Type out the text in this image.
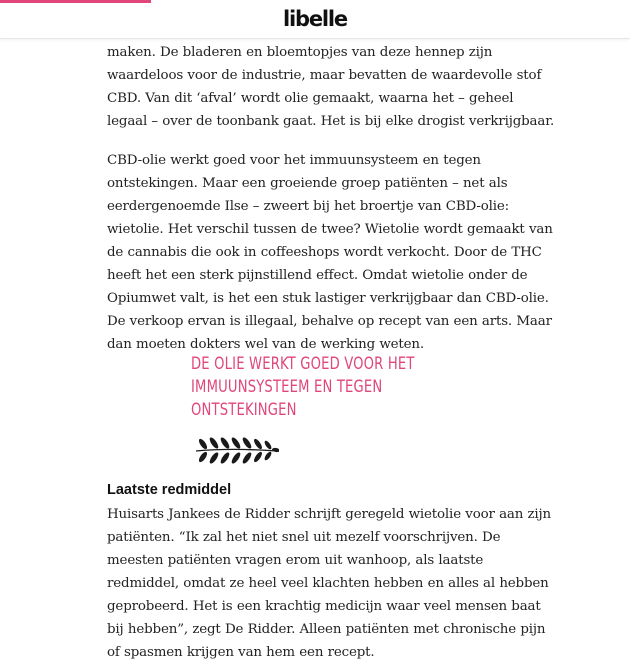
libelle

maken. De bladeren en bloemtopjes van deze hennep zijn waardeloos voor de industrie, maar bevatten de waardevolle stof CBD. Van dit ‘afval’ wordt olie gemaakt, waarna het – geheel legaal – over de toonbank gaat. Het is bij elke drogist verkrijgbaar.

CBD-olie werkt goed voor het immuunsysteem en tegen ontstekingen. Maar een groeiende groep patiënten – net als eerdergenoemde Ilse – zweert bij het broertje van CBD-olie: wietolie. Het verschil tussen de twee? Wietolie wordt gemaakt van de cannabis die ook in coffeeshops wordt verkocht. Door de THC heeft het een sterk pijnstillend effect. Omdat wietolie onder de Opiumwet valt, is het een stuk lastiger verkrijgbaar dan CBD-olie. De verkoop ervan is illegaal, behalve op recept van een arts. Maar dan moeten dokters wel van de werking weten.

DE OLIE WERKT GOED VOOR HET
IMMUUNSYSTEEM EN TEGEN
ONTSTEKINGEN
Laatste redmiddel

Huisarts Jankees de Ridder schrijft geregeld wietolie voor aan zijn patiënten. “Ik zal het niet snel uit mezelf voorschrijven. De meesten patiënten vragen erom uit wanhoop, als laatste redmiddel, omdat ze heel veel klachten hebben en alles al hebben geprobeerd. Het is een krachtig medicijn waar veel mensen baat bij hebben”, zegt De Ridder. Alleen patiënten met chronische pijn of spasmen krijgen van hem een recept.
